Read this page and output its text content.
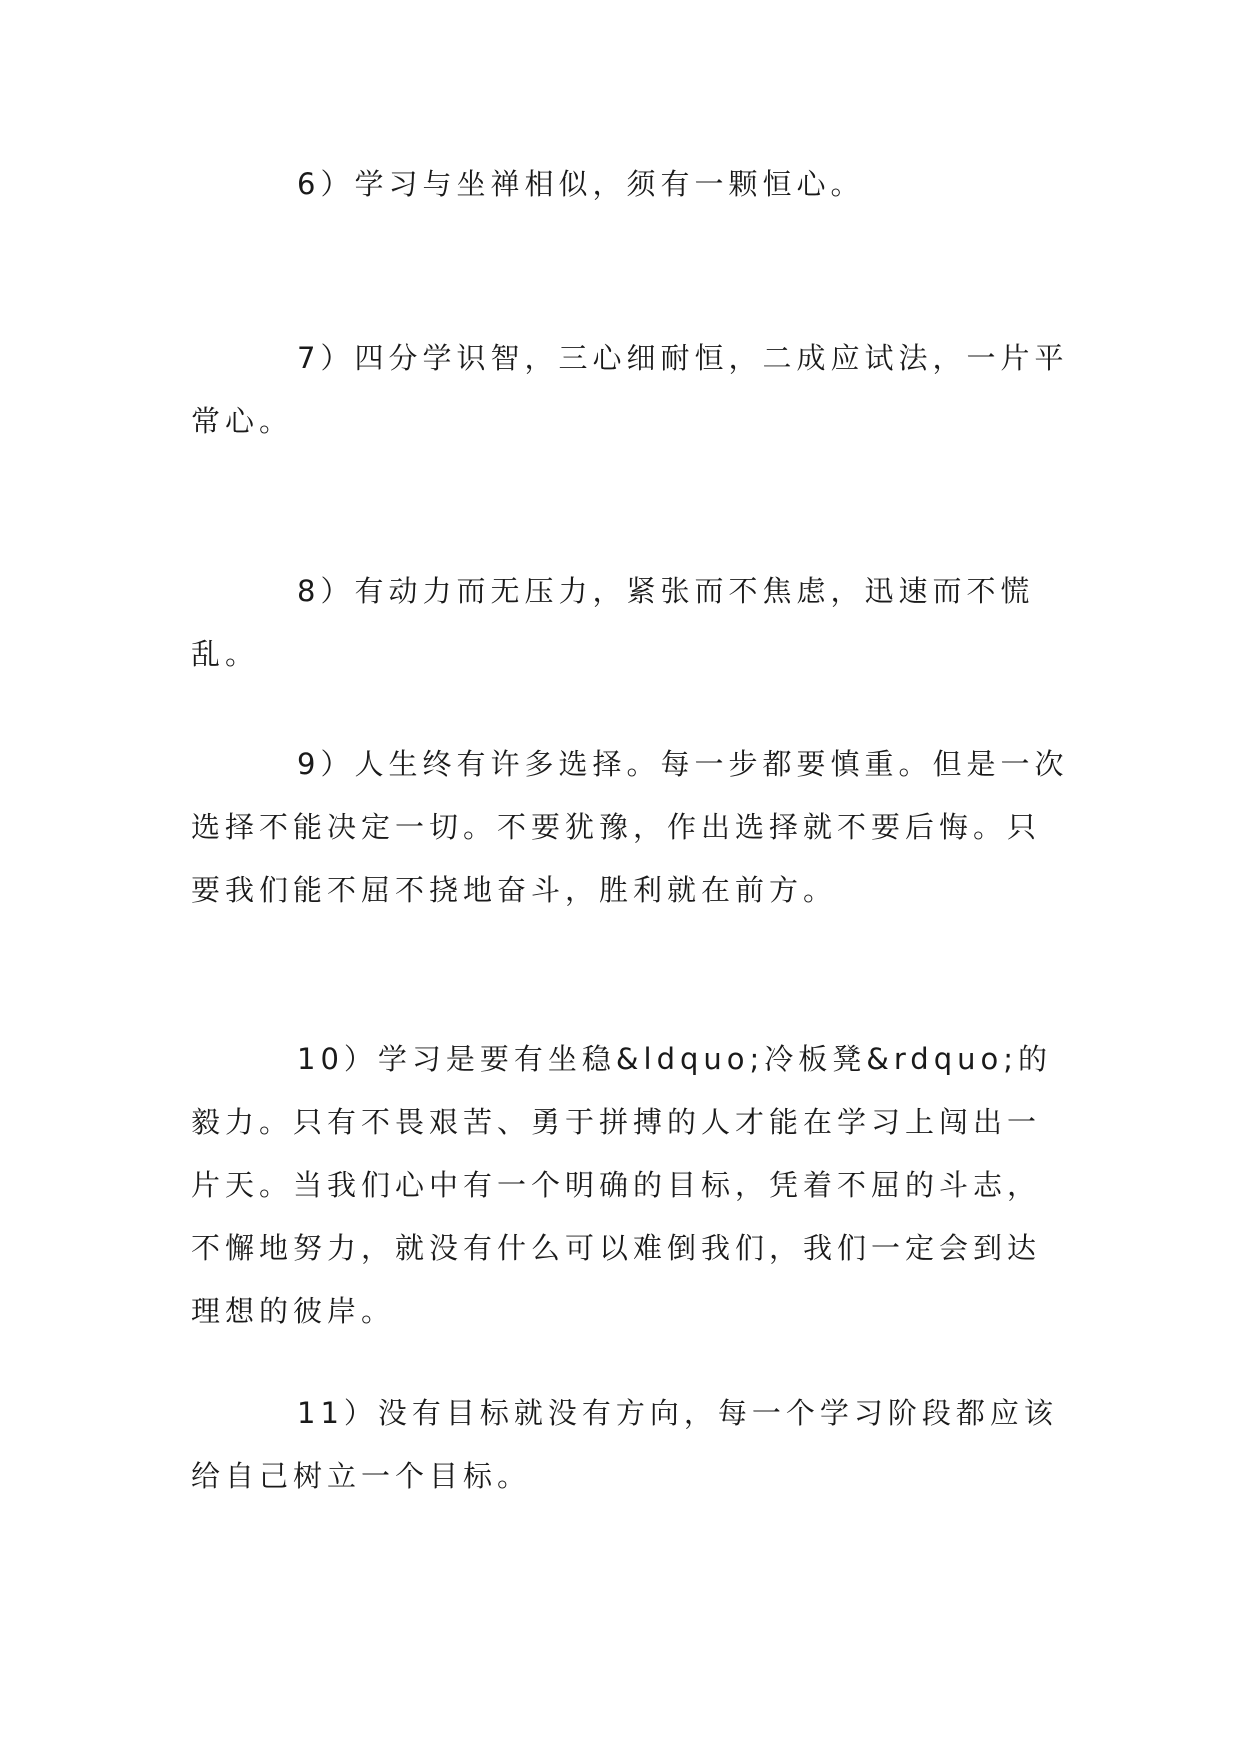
6）学习与坐禅相似，须有一颗恒心。

7）四分学识智，三心细耐恒，二成应试法，一片平常心。

8）有动力而无压力，紧张而不焦虑，迅速而不慌乱。

9）人生终有许多选择。每一步都要慎重。但是一次选择不能决定一切。不要犹豫，作出选择就不要后悔。只要我们能不屈不挠地奋斗，胜利就在前方。

10）学习是要有坐稳&ldquo;冷板凳&rdquo;的毅力。只有不畏艰苦、勇于拼搏的人才能在学习上闯出一片天。当我们心中有一个明确的目标，凭着不屈的斗志，不懈地努力，就没有什么可以难倒我们，我们一定会到达理想的彼岸。

11）没有目标就没有方向，每一个学习阶段都应该给自己树立一个目标。
